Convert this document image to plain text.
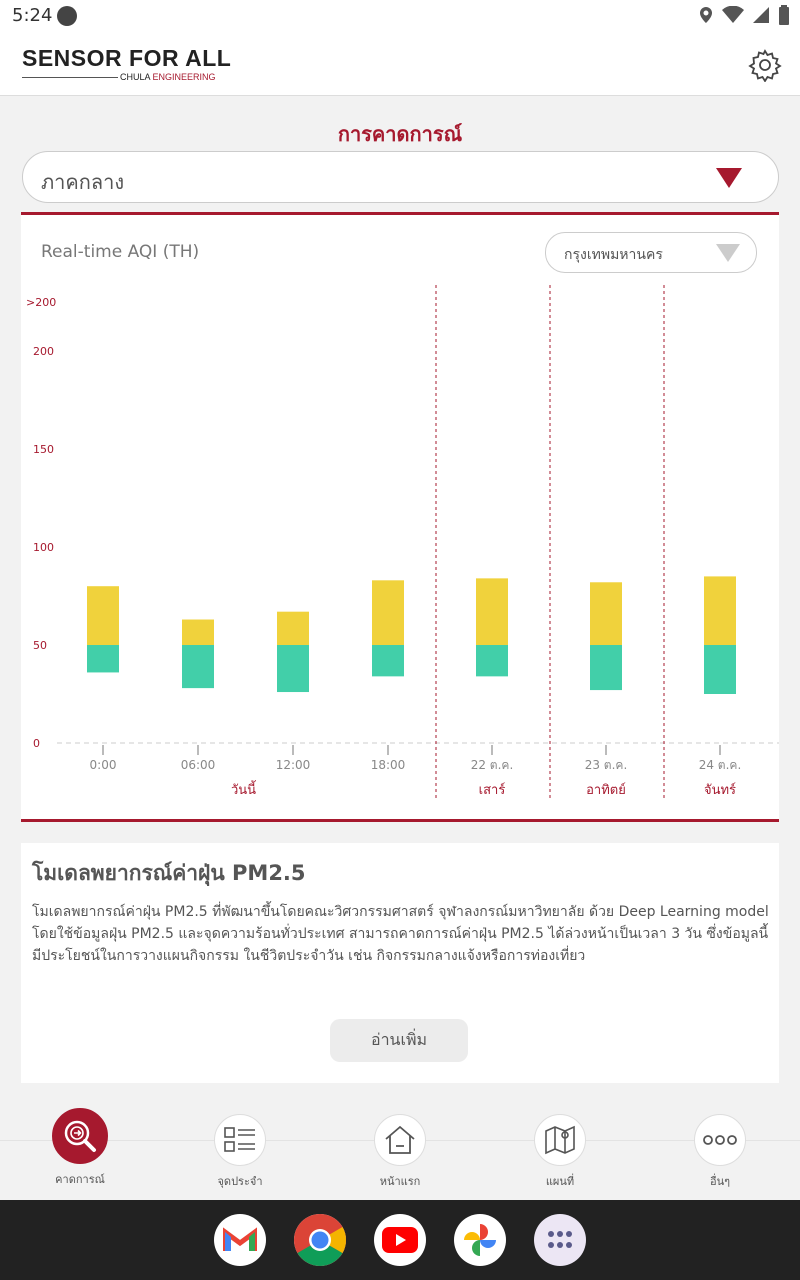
5:24
SENSOR FOR ALL
CHULA ENGINEERING
การคาดการณ์
ภาคกลาง
Real-time AQI (TH)	กรุงเทพมหานคร
0
50
100
150
200
>200
0:00	06:00	12:00	18:00	22 ต.ค.	23 ต.ค.	24 ต.ค.
วันนี้	เสาร์	อาทิตย์	จันทร์
โมเดลพยากรณ์ค่าฝุ่น PM2.5
โมเดลพยากรณ์ค่าฝุ่น PM2.5 ที่พัฒนาขึ้นโดยคณะวิศวกรรมศาสตร์ จุฬาลงกรณ์มหาวิทยาลัย ด้วย Deep Learning model โดยใช้ข้อมูลฝุ่น PM2.5 และจุดความร้อนทั่วประเทศ สามารถคาดการณ์ค่าฝุ่น PM2.5 ได้ล่วงหน้าเป็นเวลา 3 วัน ซึ่งข้อมูลนี้มีประโยชน์ในการวางแผนกิจกรรม ในชีวิตประจำวัน เช่น กิจกรรมกลางแจ้งหรือการท่องเที่ยว
อ่านเพิ่ม
คาดการณ์	จุดประจำ	หน้าแรก	แผนที่	อื่นๆ
